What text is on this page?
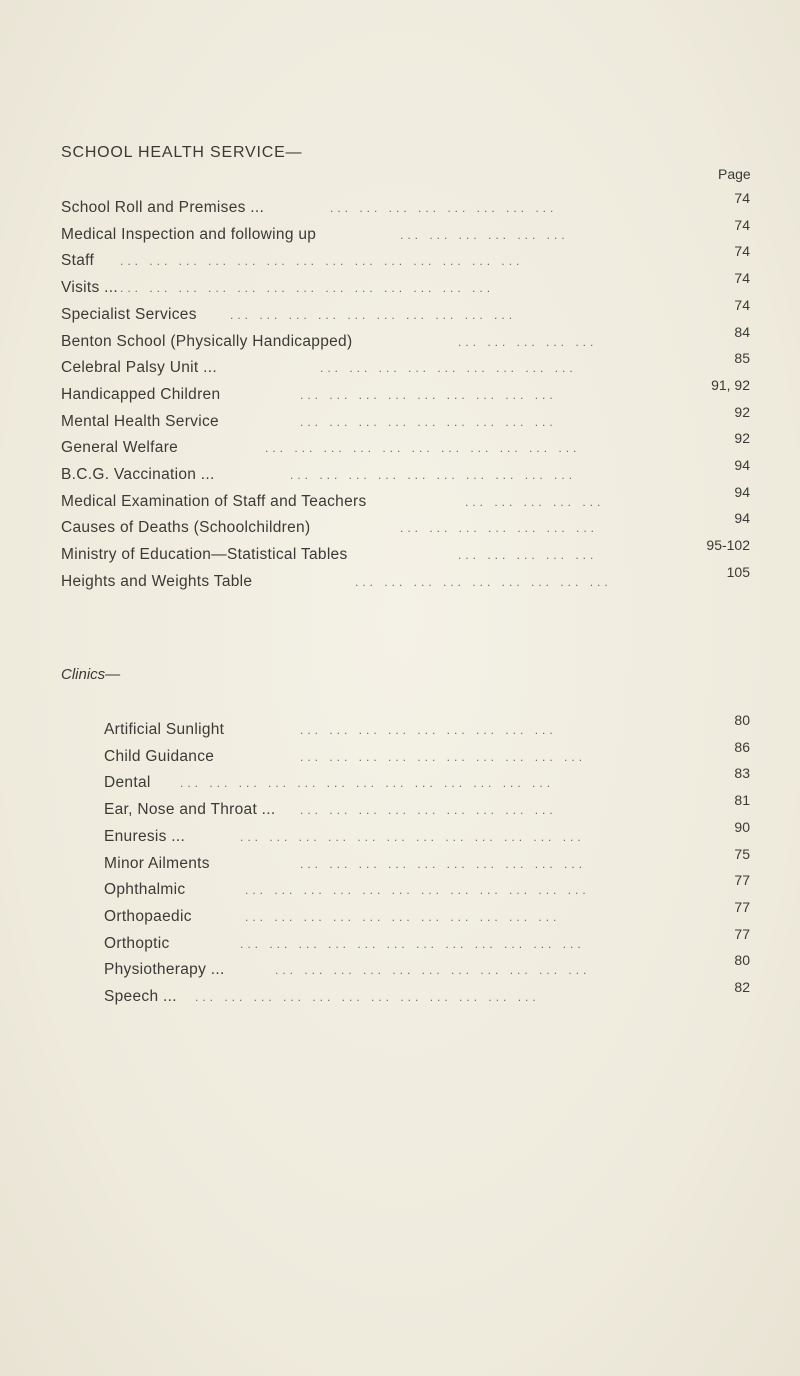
SCHOOL HEALTH SERVICE—
Page
School Roll and Premises ...	... ... ... ... ... ... ... ...
74
Medical Inspection and following up	... ... ... ... ... ...
74
Staff ... ... ... ... ... ... ... ... ... ... ... ... ... ...
74
Visits ... ... ... ... ... ... ... ... ... ... ... ... ... ...
74
Specialist Services	... ... ... ... ... ... ... ... ... ...
74
Benton School (Physically Handicapped)	... ... ... ... ...
84
Celebral Palsy Unit ...	... ... ... ... ... ... ... ... ...
85
Handicapped Children	... ... ... ... ... ... ... ... ...
91, 92
Mental Health Service	... ... ... ... ... ... ... ... ...
92
General Welfare	... ... ... ... ... ... ... ... ... ... ...
92
B.C.G. Vaccination ...	... ... ... ... ... ... ... ... ... ...
94
Medical Examination of Staff and Teachers	... ... ... ... ...
94
Causes of Deaths (Schoolchildren)	... ... ... ... ... ... ...
94
Ministry of Education—Statistical Tables	... ... ... ... ...
95-102
Heights and Weights Table	... ... ... ... ... ... ... ... ...
105
Clinics—
Artificial Sunlight	... ... ... ... ... ... ... ... ...
80
Child Guidance	... ... ... ... ... ... ... ... ... ...
86
Dental ... ... ... ... ... ... ... ... ... ... ... ... ...
83
Ear, Nose and Throat ... ... ... ... ... ... ... ... ... ...
81
Enuresis ...	... ... ... ... ... ... ... ... ... ... ... ...
90
Minor Ailments	... ... ... ... ... ... ... ... ... ...
75
Ophthalmic	... ... ... ... ... ... ... ... ... ... ... ...
77
Orthopaedic	... ... ... ... ... ... ... ... ... ... ...
77
Orthoptic	... ... ... ... ... ... ... ... ... ... ... ...
77
Physiotherapy ...	... ... ... ... ... ... ... ... ... ... ...
80
Speech ... ... ... ... ... ... ... ... ... ... ... ... ...
82
